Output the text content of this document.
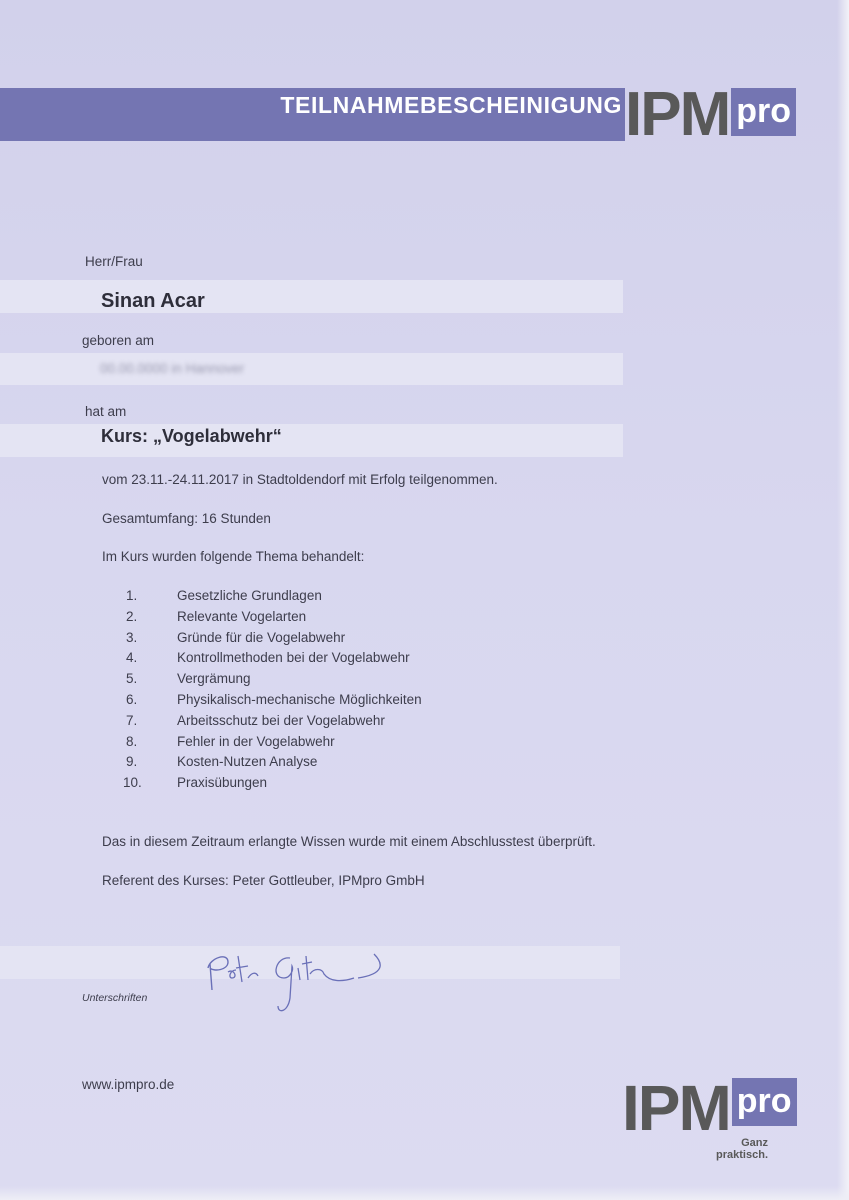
TEILNAHMEBESCHEINIGUNG IPM pro
Herr/Frau
Sinan Acar
geboren am
00.00.0000 in Hannover
hat am
Kurs: „Vogelabwehr“
vom 23.11.-24.11.2017 in Stadtoldendorf mit Erfolg teilgenommen.
Gesamtumfang: 16 Stunden
Im Kurs wurden folgende Thema behandelt:
1.	Gesetzliche Grundlagen
2.	Relevante Vogelarten
3.	Gründe für die Vogelabwehr
4.	Kontrollmethoden bei der Vogelabwehr
5.	Vergrämung
6.	Physikalisch-mechanische Möglichkeiten
7.	Arbeitsschutz bei der Vogelabwehr
8.	Fehler in der Vogelabwehr
9.	Kosten-Nutzen Analyse
10.	Praxisübungen
Das in diesem Zeitraum erlangte Wissen wurde mit einem Abschlusstest überprüft.
Referent des Kurses: Peter Gottleuber, IPMpro GmbH
Unterschriften
www.ipmpro.de	IPM pro
Ganz
praktisch.
